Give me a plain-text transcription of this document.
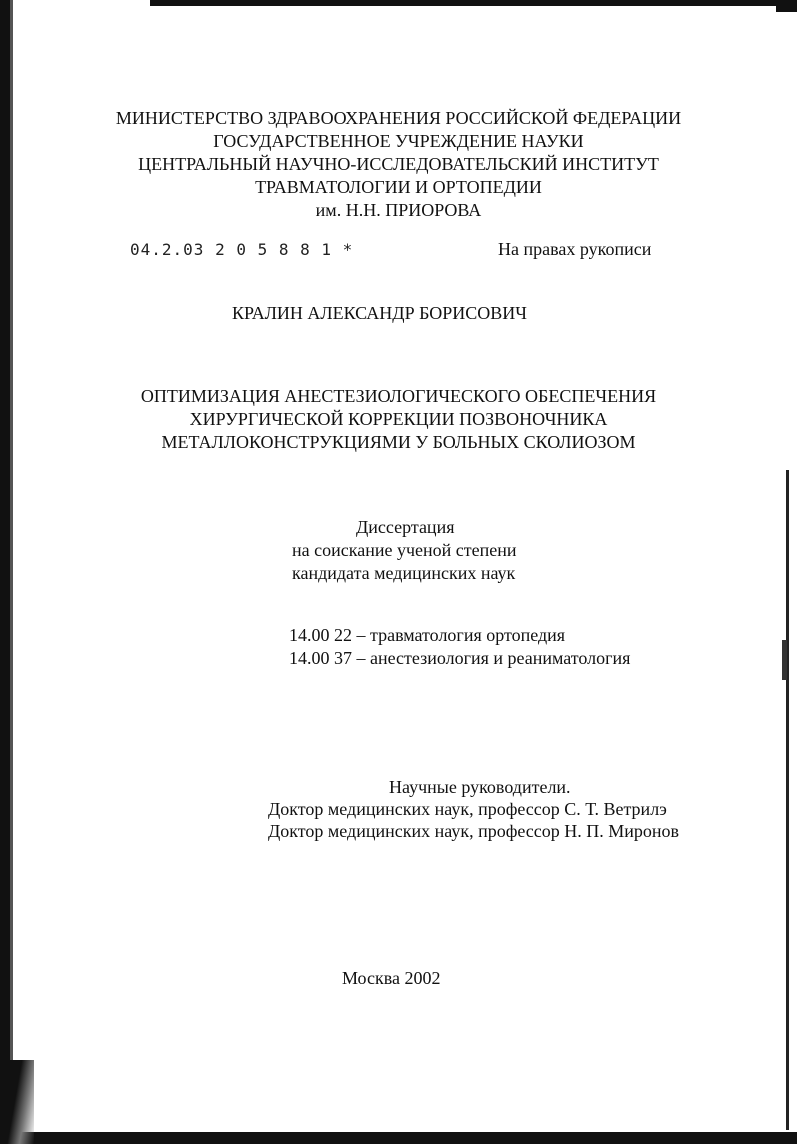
МИНИСТЕРСТВО ЗДРАВООХРАНЕНИЯ РОССИЙСКОЙ ФЕДЕРАЦИИ
ГОСУДАРСТВЕННОЕ УЧРЕЖДЕНИЕ НАУКИ
ЦЕНТРАЛЬНЫЙ НАУЧНО-ИССЛЕДОВАТЕЛЬСКИЙ ИНСТИТУТ
ТРАВМАТОЛОГИИ И ОРТОПЕДИИ
им. Н.Н. ПРИОРОВА
04.2.03 2 0 5 8 8 1 *	На правах рукописи
КРАЛИН АЛЕКСАНДР БОРИСОВИЧ
ОПТИМИЗАЦИЯ АНЕСТЕЗИОЛОГИЧЕСКОГО ОБЕСПЕЧЕНИЯ
ХИРУРГИЧЕСКОЙ КОРРЕКЦИИ ПОЗВОНОЧНИКА
МЕТАЛЛОКОНСТРУКЦИЯМИ У БОЛЬНЫХ СКОЛИОЗОМ
Диссертация
на соискание ученой степени
кандидата медицинских наук
14.00 22 – травматология ортопедия
14.00 37 – анестезиология и реаниматология
Научные руководители.
Доктор медицинских наук, профессор С. Т. Ветрилэ
Доктор медицинских наук, профессор Н. П. Миронов
Москва 2002
